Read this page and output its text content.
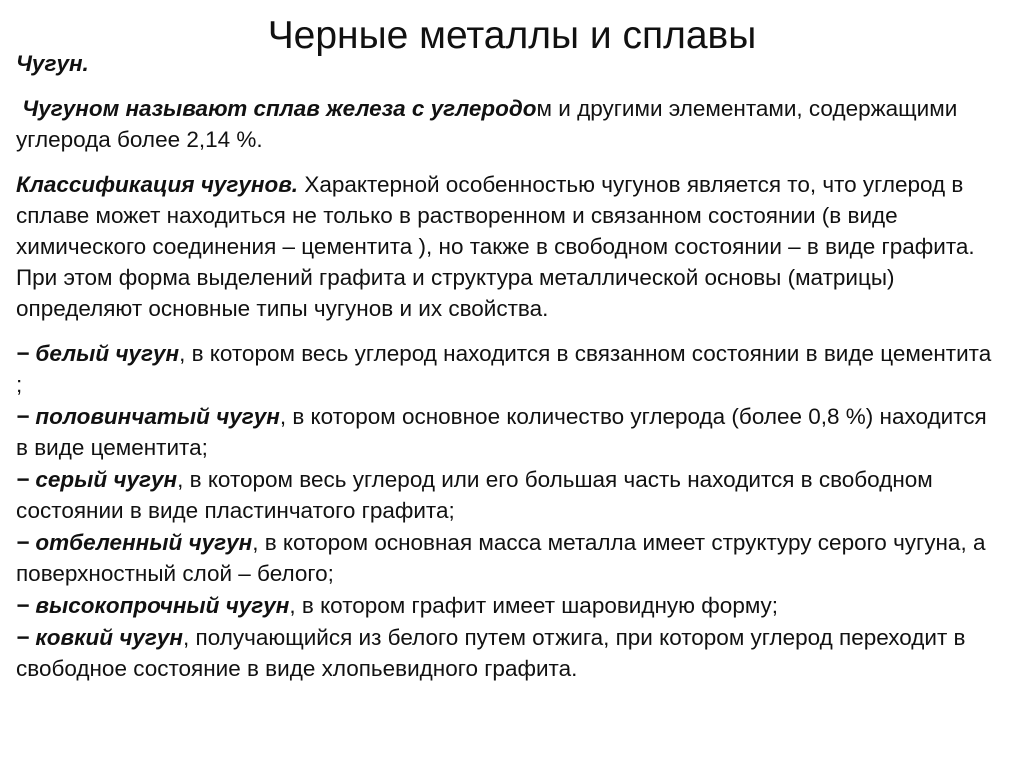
Черные металлы и сплавы

Чугун.

Чугуном называют сплав железа с углеродом и другими элементами, содержащими углерода более 2,14 %.

Классификация чугунов. Характерной особенностью чугунов является то, что углерод в сплаве может находиться не только в растворенном и связанном состоянии (в виде химического соединения – цементита ), но также в свободном состоянии – в виде графита. При этом форма выделений графита и структура металлической основы (матрицы) определяют основные типы чугунов и их свойства.

− белый чугун, в котором весь углерод находится в связанном состоянии в виде цементита ;

− половинчатый чугун, в котором основное количество углерода (более 0,8 %) находится в виде цементита;

− серый чугун, в котором весь углерод или его большая часть находится в свободном состоянии в виде пластинчатого графита;

− отбеленный чугун, в котором основная масса металла имеет структуру серого чугуна, а поверхностный слой – белого;

− высокопрочный чугун, в котором графит имеет шаровидную форму;

− ковкий чугун, получающийся из белого путем отжига, при котором углерод переходит в свободное состояние в виде хлопьевидного графита.
